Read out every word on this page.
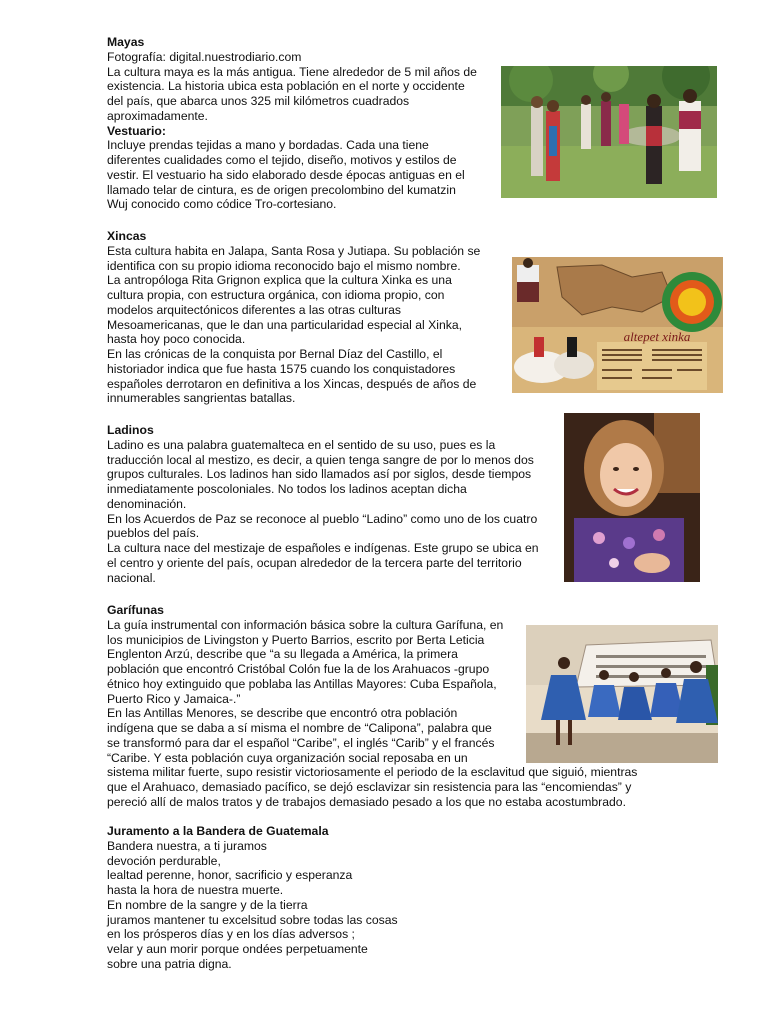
Mayas
Fotografía: digital.nuestrodiario.com
La cultura maya es la más antigua. Tiene alrededor de 5 mil años de
existencia. La historia ubica esta población en el norte y occidente
del país, que abarca unos 325 mil kilómetros cuadrados
aproximadamente.
Vestuario:
Incluye prendas tejidas a mano y bordadas. Cada una tiene
diferentes cualidades como el tejido, diseño, motivos y estilos de
vestir. El vestuario ha sido elaborado desde épocas antiguas en el
llamado telar de cintura, es de origen precolombino del kumatzin
Wuj conocido como códice Tro-cortesiano.
Xincas
Esta cultura habita en Jalapa, Santa Rosa y Jutiapa. Su población se
identifica con su propio idioma reconocido bajo el mismo nombre.
La antropóloga Rita Grignon explica que la cultura Xinka es una
cultura propia, con estructura orgánica, con idioma propio, con
modelos arquitectónicos diferentes a las otras culturas
Mesoamericanas, que le dan una particularidad especial al Xinka,
hasta hoy poco conocida.
En las crónicas de la conquista por Bernal Díaz del Castillo, el
historiador indica que fue hasta 1575 cuando los conquistadores
españoles derrotaron en definitiva a los Xincas, después de años de
innumerables sangrientas batallas.
altepet xinka
Ladinos
Ladino es una palabra guatemalteca en el sentido de su uso, pues es la
traducción local al mestizo, es decir, a quien tenga sangre de por lo menos dos
grupos culturales. Los ladinos han sido llamados así por siglos, desde tiempos
inmediatamente poscoloniales. No todos los ladinos aceptan dicha
denominación.
En los Acuerdos de Paz se reconoce al pueblo “Ladino” como uno de los cuatro
pueblos del país.
La cultura nace del mestizaje de españoles e indígenas. Este grupo se ubica en
el centro y oriente del país, ocupan alrededor de la tercera parte del territorio
nacional.
Garífunas
La guía instrumental con información básica sobre la cultura Garífuna, en
los municipios de Livingston y Puerto Barrios, escrito por Berta Leticia
Englenton Arzú, describe que “a su llegada a América, la primera
población que encontró Cristóbal Colón fue la de los Arahuacos -grupo
étnico hoy extinguido que poblaba las Antillas Mayores: Cuba Española,
Puerto Rico y Jamaica-.”
En las Antillas Menores, se describe que encontró otra población
indígena que se daba a sí misma el nombre de “Calipona”, palabra que
se transformó para dar el español “Caribe”, el inglés “Carib” y el francés
“Caribe. Y esta población cuya organización social reposaba en un
sistema militar fuerte, supo resistir victoriosamente el periodo de la esclavitud que siguió, mientras
que el Arahuaco, demasiado pacífico, se dejó esclavizar sin resistencia para las “encomiendas” y
pereció allí de malos tratos y de trabajos demasiado pesado a los que no estaba acostumbrado.
Juramento a la Bandera de Guatemala
Bandera nuestra, a ti juramos
devoción perdurable,
lealtad perenne, honor, sacrificio y esperanza
hasta la hora de nuestra muerte.
En nombre de la sangre y de la tierra
juramos mantener tu excelsitud sobre todas las cosas
en los prósperos días y en los días adversos ;
velar y aun morir porque ondées perpetuamente
sobre una patria digna.
